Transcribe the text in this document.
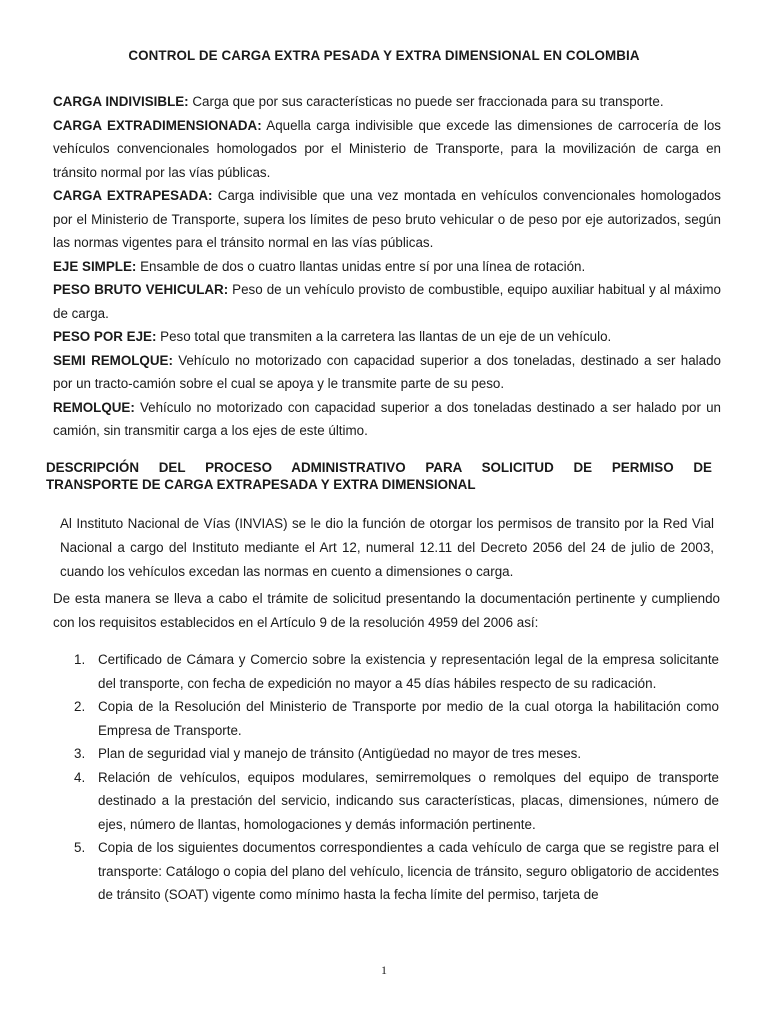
CONTROL DE CARGA EXTRA PESADA Y EXTRA DIMENSIONAL EN COLOMBIA

CARGA INDIVISIBLE: Carga que por sus características no puede ser fraccionada para su transporte.

CARGA EXTRADIMENSIONADA: Aquella carga indivisible que excede las dimensiones de carrocería de los vehículos convencionales homologados por el Ministerio de Transporte, para la movilización de carga en tránsito normal por las vías públicas.

CARGA EXTRAPESADA: Carga indivisible que una vez montada en vehículos convencionales homologados por el Ministerio de Transporte, supera los límites de peso bruto vehicular o de peso por eje autorizados, según las normas vigentes para el tránsito normal en las vías públicas.

EJE SIMPLE: Ensamble de dos o cuatro llantas unidas entre sí por una línea de rotación.

PESO BRUTO VEHICULAR: Peso de un vehículo provisto de combustible, equipo auxiliar habitual y al máximo de carga.

PESO POR EJE: Peso total que transmiten a la carretera las llantas de un eje de un vehículo.

SEMI REMOLQUE: Vehículo no motorizado con capacidad superior a dos toneladas, destinado a ser halado por un tracto-camión sobre el cual se apoya y le transmite parte de su peso.

REMOLQUE: Vehículo no motorizado con capacidad superior a dos toneladas destinado a ser halado por un camión, sin transmitir carga a los ejes de este último.

DESCRIPCIÓN DEL PROCESO ADMINISTRATIVO PARA SOLICITUD DE PERMISO DE
TRANSPORTE DE CARGA EXTRAPESADA Y EXTRA DIMENSIONAL

Al Instituto Nacional de Vías (INVIAS) se le dio la función de otorgar los permisos de transito por la Red Vial Nacional a cargo del Instituto mediante el Art 12, numeral 12.11 del Decreto 2056 del 24 de julio de 2003, cuando los vehículos excedan las normas en cuento a dimensiones o carga.

De esta manera se lleva a cabo el trámite de solicitud presentando la documentación pertinente y cumpliendo con los requisitos establecidos en el Artículo 9 de la resolución 4959 del 2006 así:

1. Certificado de Cámara y Comercio sobre la existencia y representación legal de la empresa solicitante del transporte, con fecha de expedición no mayor a 45 días hábiles respecto de su radicación.
2. Copia de la Resolución del Ministerio de Transporte por medio de la cual otorga la habilitación como Empresa de Transporte.
3. Plan de seguridad vial y manejo de tránsito (Antigüedad no mayor de tres meses.
4. Relación de vehículos, equipos modulares, semirremolques o remolques del equipo de transporte destinado a la prestación del servicio, indicando sus características, placas, dimensiones, número de ejes, número de llantas, homologaciones y demás información pertinente.
5. Copia de los siguientes documentos correspondientes a cada vehículo de carga que se registre para el transporte: Catálogo o copia del plano del vehículo, licencia de tránsito, seguro obligatorio de accidentes de tránsito (SOAT) vigente como mínimo hasta la fecha límite del permiso, tarjeta de
1
